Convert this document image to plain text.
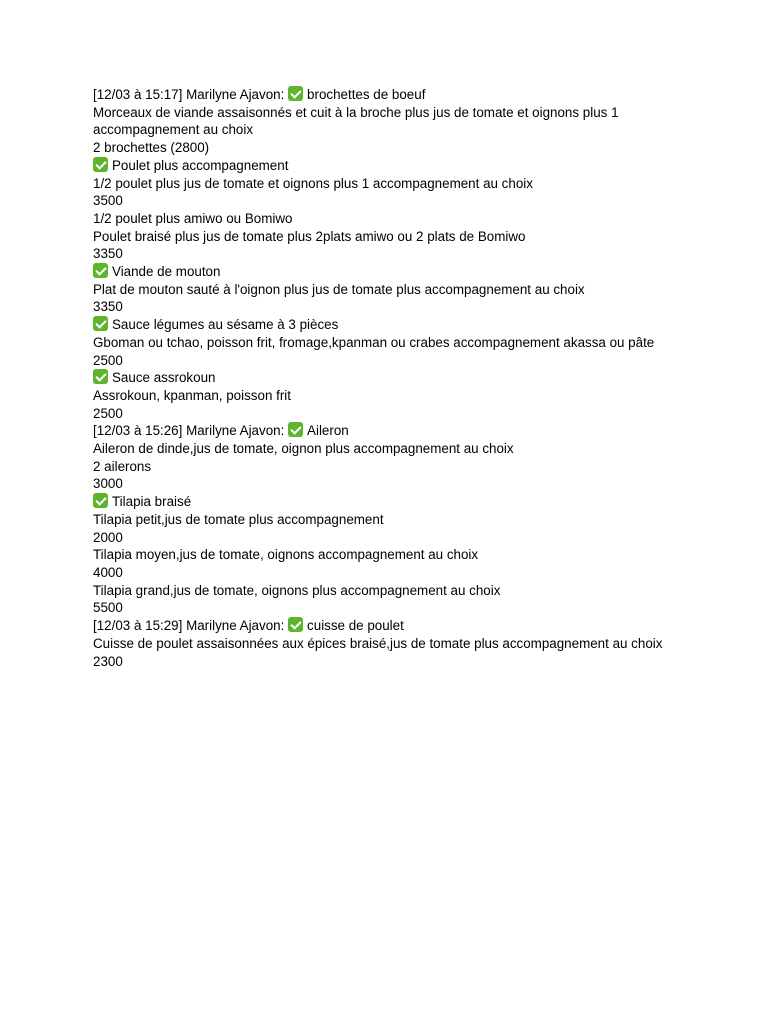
[12/03 à 15:17] Marilyne Ajavon: brochettes de boeuf
Morceaux de viande assaisonnés et cuit à la broche plus jus de tomate et oignons plus 1 accompagnement au choix
2 brochettes (2800)
Poulet plus accompagnement
1/2 poulet plus jus de tomate et oignons plus 1 accompagnement au choix
3500
1/2 poulet plus amiwo ou Bomiwo
Poulet braisé plus jus de tomate plus 2plats amiwo ou 2 plats de Bomiwo
3350
Viande de mouton
Plat de mouton sauté à l'oignon plus jus de tomate plus accompagnement au choix
3350
Sauce légumes au sésame à 3 pièces
Gboman ou tchao, poisson frit, fromage,kpanman ou crabes accompagnement akassa ou pâte
2500
Sauce assrokoun
Assrokoun, kpanman, poisson frit
2500
[12/03 à 15:26] Marilyne Ajavon: Aileron
Aileron de dinde,jus de tomate, oignon plus accompagnement au choix
2 ailerons
3000
Tilapia braisé
Tilapia petit,jus de tomate plus accompagnement
2000
Tilapia moyen,jus de tomate, oignons accompagnement au choix
4000
Tilapia grand,jus de tomate, oignons plus accompagnement au choix
5500
[12/03 à 15:29] Marilyne Ajavon: cuisse de poulet
Cuisse de poulet assaisonnées aux épices braisé,jus de tomate plus accompagnement au choix
2300
